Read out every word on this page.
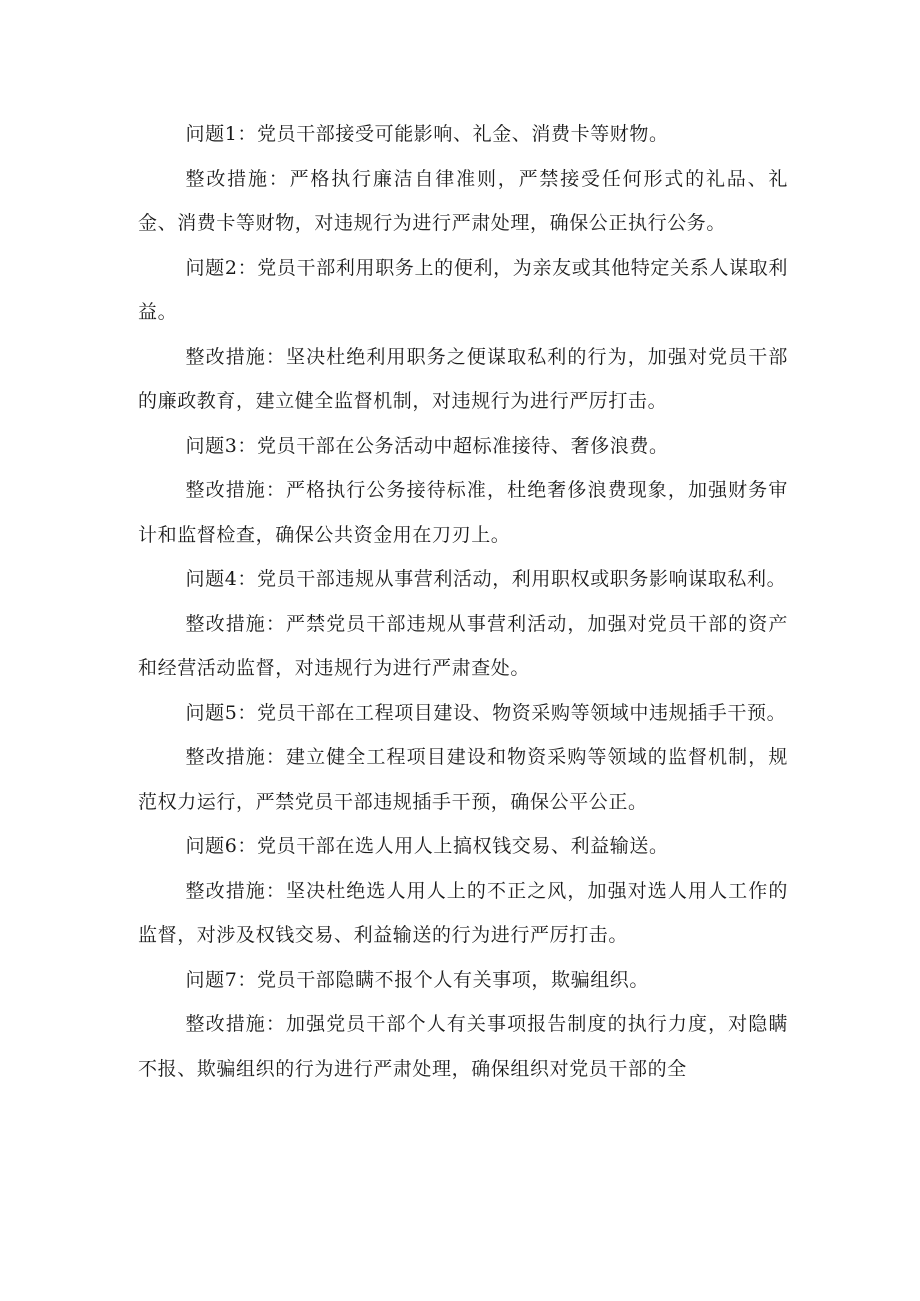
问题1：党员干部接受可能影响、礼金、消费卡等财物。

整改措施：严格执行廉洁自律准则，严禁接受任何形式的礼品、礼金、消费卡等财物，对违规行为进行严肃处理，确保公正执行公务。

问题2：党员干部利用职务上的便利，为亲友或其他特定关系人谋取利益。

整改措施：坚决杜绝利用职务之便谋取私利的行为，加强对党员干部的廉政教育，建立健全监督机制，对违规行为进行严厉打击。

问题3：党员干部在公务活动中超标准接待、奢侈浪费。

整改措施：严格执行公务接待标准，杜绝奢侈浪费现象，加强财务审计和监督检查，确保公共资金用在刀刃上。

问题4：党员干部违规从事营利活动，利用职权或职务影响谋取私利。

整改措施：严禁党员干部违规从事营利活动，加强对党员干部的资产和经营活动监督，对违规行为进行严肃查处。

问题5：党员干部在工程项目建设、物资采购等领域中违规插手干预。

整改措施：建立健全工程项目建设和物资采购等领域的监督机制，规范权力运行，严禁党员干部违规插手干预，确保公平公正。

问题6：党员干部在选人用人上搞权钱交易、利益输送。

整改措施：坚决杜绝选人用人上的不正之风，加强对选人用人工作的监督，对涉及权钱交易、利益输送的行为进行严厉打击。

问题7：党员干部隐瞒不报个人有关事项，欺骗组织。

整改措施：加强党员干部个人有关事项报告制度的执行力度，对隐瞒不报、欺骗组织的行为进行严肃处理，确保组织对党员干部的全
